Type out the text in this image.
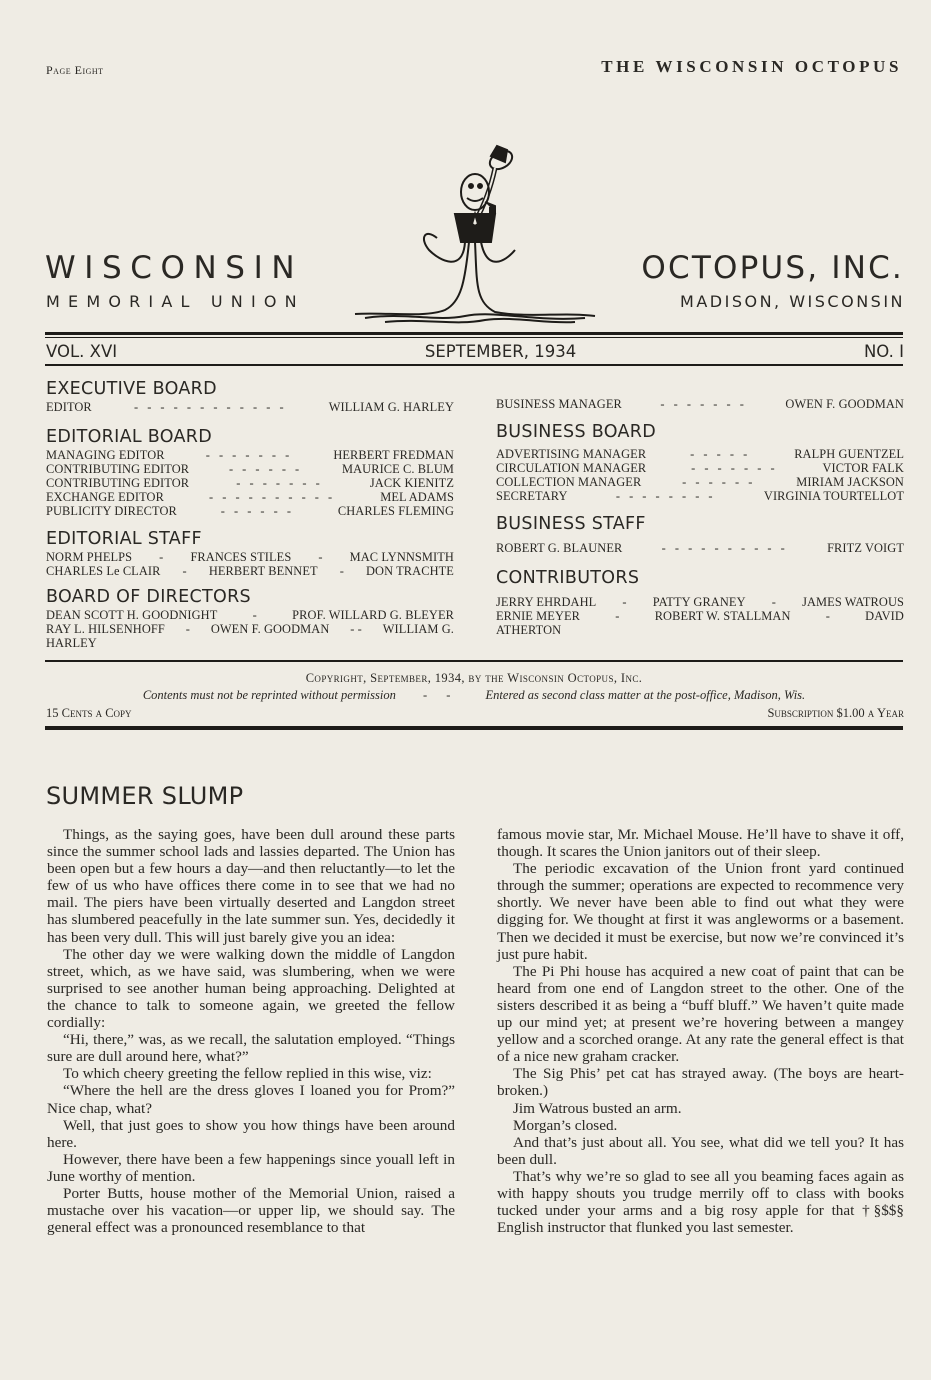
Page Eight	THE WISCONSIN OCTOPUS
WISCONSIN
MEMORIAL UNION
OCTOPUS, INC.
MADISON, WISCONSIN
VOL. XVI	SEPTEMBER, 1934	NO. I
EXECUTIVE BOARD
EDITOR	- - - - - - - - - - - -	WILLIAM G. HARLEY
EDITORIAL BOARD
MANAGING EDITOR	- - - - - - -	HERBERT FREDMAN
CONTRIBUTING EDITOR	- - - - - -	MAURICE C. BLUM
CONTRIBUTING EDITOR	- - - - - - -	JACK KIENITZ
EXCHANGE EDITOR	- - - - - - - - - -	MEL ADAMS
PUBLICITY DIRECTOR	- - - - - -	CHARLES FLEMING
EDITORIAL STAFF
NORM PHELPS - FRANCES STILES - MAC LYNNSMITH
CHARLES Le CLAIR - HERBERT BENNET - DON TRACHTE
BOARD OF DIRECTORS
DEAN SCOTT H. GOODNIGHT	-	PROF. WILLARD G. BLEYER
RAY L. HILSENHOFF - OWEN F. GOODMAN - - WILLIAM G.
HARLEY
BUSINESS MANAGER	- - - - - - -	OWEN F. GOODMAN
BUSINESS BOARD
ADVERTISING MANAGER	- - - - -	RALPH GUENTZEL
CIRCULATION MANAGER	- - - - - - -	VICTOR FALK
COLLECTION MANAGER	- - - - - -	MIRIAM JACKSON
SECRETARY	- - - - - - - -	VIRGINIA TOURTELLOT
BUSINESS STAFF
ROBERT G. BLAUNER	- - - - - - - - - -	FRITZ VOIGT
CONTRIBUTORS
JERRY EHRDAHL - PATTY GRANEY - JAMES WATROUS
ERNIE MEYER	-	ROBERT W. STALLMAN	-	DAVID
ATHERTON
Copyright, September, 1934, by the Wisconsin Octopus, Inc.
Contents must not be reprinted without permission - - Entered as second class matter at the post-office, Madison, Wis.
15 Cents a Copy	Subscription $1.00 a Year
SUMMER SLUMP

Things, as the saying goes, have been dull around these parts since the summer school lads and lassies departed. The Union has been open but a few hours a day—and then reluctantly—to let the few of us who have offices there come in to see that we had no mail. The piers have been virtually deserted and Langdon street has slumbered peacefully in the late summer sun. Yes, decidedly it has been very dull. This will just barely give you an idea:

The other day we were walking down the middle of Langdon street, which, as we have said, was slumbering, when we were surprised to see another human being approaching. Delighted at the chance to talk to someone again, we greeted the fellow cordially:

“Hi, there,” was, as we recall, the salutation employed. “Things sure are dull around here, what?”

To which cheery greeting the fellow replied in this wise, viz:

“Where the hell are the dress gloves I loaned you for Prom?” Nice chap, what?

Well, that just goes to show you how things have been around here.

However, there have been a few happenings since youall left in June worthy of mention.

Porter Butts, house mother of the Memorial Union, raised a mustache over his vacation—or upper lip, we should say. The general effect was a pronounced resemblance to that

famous movie star, Mr. Michael Mouse. He’ll have to shave it off, though. It scares the Union janitors out of their sleep.

The periodic excavation of the Union front yard continued through the summer; operations are expected to recommence very shortly. We never have been able to find out what they were digging for. We thought at first it was angleworms or a basement. Then we decided it must be exercise, but now we’re convinced it’s just pure habit.

The Pi Phi house has acquired a new coat of paint that can be heard from one end of Langdon street to the other. One of the sisters described it as being a “buff bluff.” We haven’t quite made up our mind yet; at present we’re hovering between a mangey yellow and a scorched orange. At any rate the general effect is that of a nice new graham cracker.

The Sig Phis’ pet cat has strayed away. (The boys are heart-broken.)

Jim Watrous busted an arm.

Morgan’s closed.

And that’s just about all. You see, what did we tell you? It has been dull.

That’s why we’re so glad to see all you beaming faces again as with happy shouts you trudge merrily off to class with books tucked under your arms and a big rosy apple for that †§$$§ English instructor that flunked you last semester.
